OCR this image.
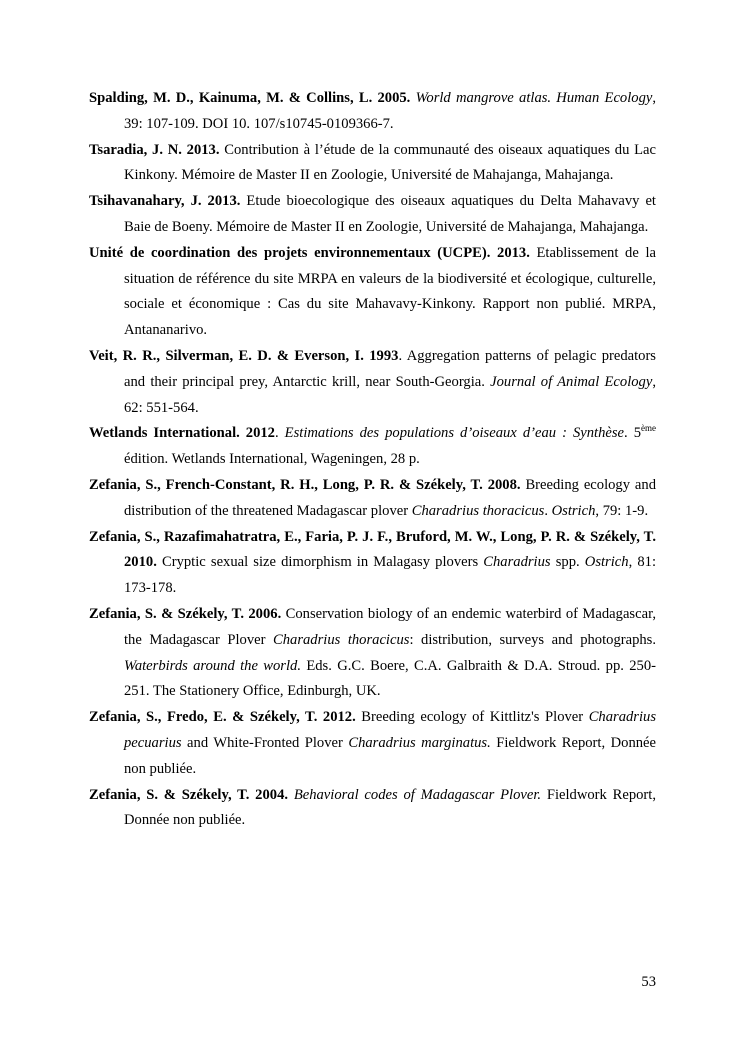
Spalding, M. D., Kainuma, M. & Collins, L. 2005. World mangrove atlas. Human Ecology, 39: 107-109. DOI 10. 107/s10745-0109366-7.

Tsaradia, J. N. 2013. Contribution à l’étude de la communauté des oiseaux aquatiques du Lac Kinkony. Mémoire de Master II en Zoologie, Université de Mahajanga, Mahajanga.

Tsihavanahary, J. 2013. Etude bioecologique des oiseaux aquatiques du Delta Mahavavy et Baie de Boeny. Mémoire de Master II en Zoologie, Université de Mahajanga, Mahajanga.

Unité de coordination des projets environnementaux (UCPE). 2013. Etablissement de la situation de référence du site MRPA en valeurs de la biodiversité et écologique, culturelle, sociale et économique : Cas du site Mahavavy-Kinkony. Rapport non publié. MRPA, Antananarivo.

Veit, R. R., Silverman, E. D. & Everson, I. 1993. Aggregation patterns of pelagic predators and their principal prey, Antarctic krill, near South-Georgia. Journal of Animal Ecology, 62: 551-564.

Wetlands International. 2012. Estimations des populations d’oiseaux d’eau : Synthèse. 5ème édition. Wetlands International, Wageningen, 28 p.

Zefania, S., French-Constant, R. H., Long, P. R. & Székely, T. 2008. Breeding ecology and distribution of the threatened Madagascar plover Charadrius thoracicus. Ostrich, 79: 1-9.

Zefania, S., Razafimahatratra, E., Faria, P. J. F., Bruford, M. W., Long, P. R. & Székely, T. 2010. Cryptic sexual size dimorphism in Malagasy plovers Charadrius spp. Ostrich, 81: 173-178.

Zefania, S. & Székely, T. 2006. Conservation biology of an endemic waterbird of Madagascar, the Madagascar Plover Charadrius thoracicus: distribution, surveys and photographs. Waterbirds around the world. Eds. G.C. Boere, C.A. Galbraith & D.A. Stroud. pp. 250-251. The Stationery Office, Edinburgh, UK.

Zefania, S., Fredo, E. & Székely, T. 2012. Breeding ecology of Kittlitz's Plover Charadrius pecuarius and White-Fronted Plover Charadrius marginatus. Fieldwork Report, Donnée non publiée.

Zefania, S. & Székely, T. 2004. Behavioral codes of Madagascar Plover. Fieldwork Report, Donnée non publiée.

53
